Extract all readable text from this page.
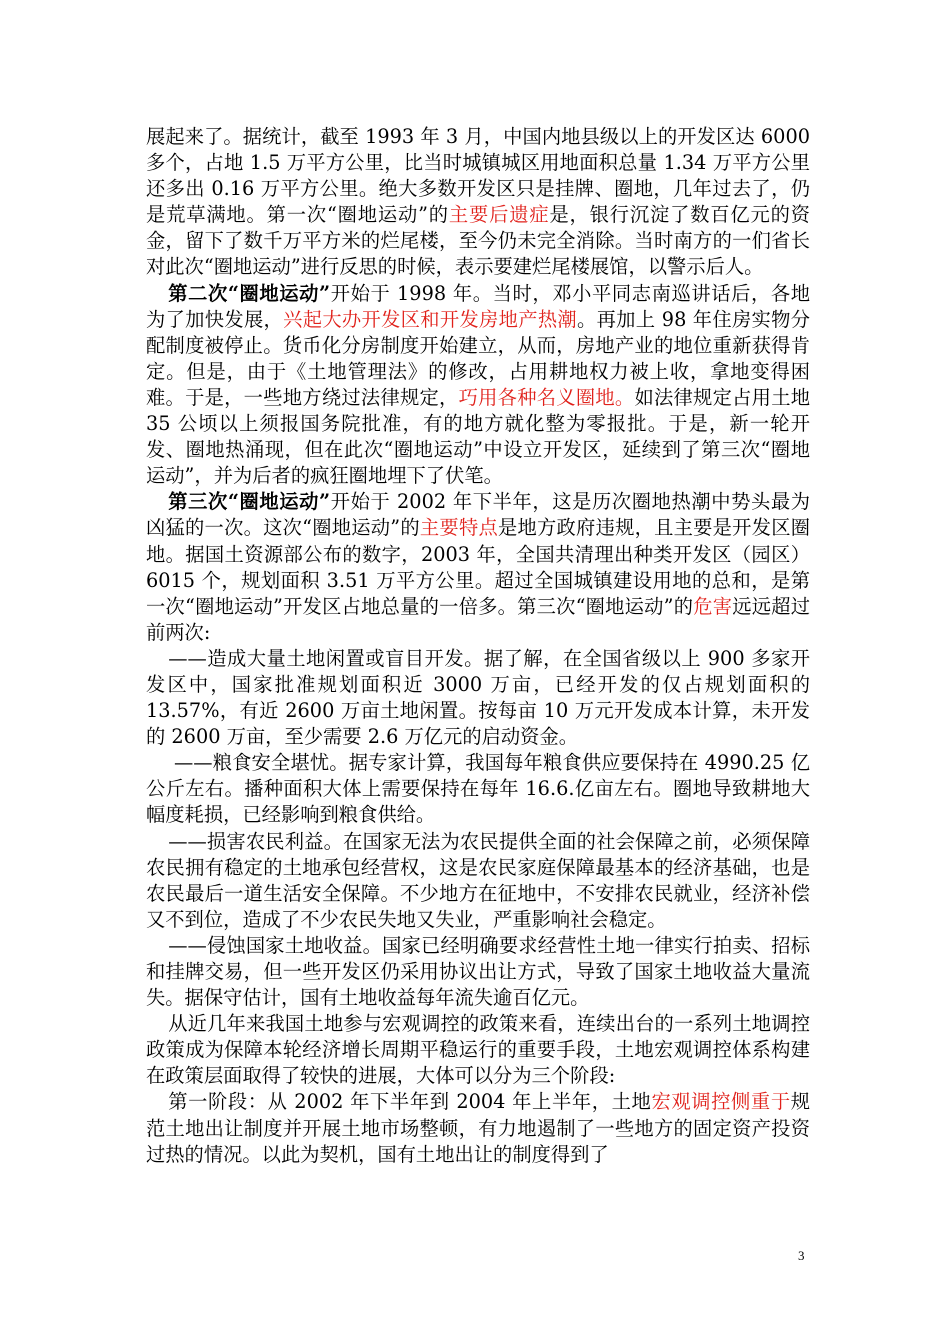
展起来了。据统计，截至 1993 年 3 月，中国内地县级以上的开发区达 6000 多个，占地 1.5 万平方公里，比当时城镇城区用地面积总量 1.34 万平方公里还多出 0.16 万平方公里。绝大多数开发区只是挂牌、圈地，几年过去了，仍是荒草满地。第一次“圈地运动”的主要后遗症是，银行沉淀了数百亿元的资金，留下了数千万平方米的烂尾楼，至今仍未完全消除。当时南方的一们省长对此次“圈地运动”进行反思的时候，表示要建烂尾楼展馆，以警示后人。

第二次“圈地运动”开始于 1998 年。当时，邓小平同志南巡讲话后，各地为了加快发展，兴起大办开发区和开发房地产热潮。再加上 98 年住房实物分配制度被停止。货币化分房制度开始建立，从而，房地产业的地位重新获得肯定。但是，由于《土地管理法》的修改，占用耕地权力被上收，拿地变得困难。于是，一些地方绕过法律规定，巧用各种名义圈地。如法律规定占用土地 35 公顷以上须报国务院批准，有的地方就化整为零报批。于是，新一轮开发、圈地热涌现，但在此次“圈地运动”中设立开发区，延续到了第三次“圈地运动”，并为后者的疯狂圈地埋下了伏笔。

第三次“圈地运动”开始于 2002 年下半年，这是历次圈地热潮中势头最为凶猛的一次。这次“圈地运动”的主要特点是地方政府违规，且主要是开发区圈地。据国土资源部公布的数字，2003 年，全国共清理出种类开发区（园区）6015 个，规划面积 3.51 万平方公里。超过全国城镇建设用地的总和，是第一次“圈地运动”开发区占地总量的一倍多。第三次“圈地运动”的危害远远超过前两次:

——造成大量土地闲置或盲目开发。据了解，在全国省级以上 900 多家开发区中，国家批准规划面积近 3000 万亩，已经开发的仅占规划面积的 13.57%，有近 2600 万亩土地闲置。按每亩 10 万元开发成本计算，未开发的 2600 万亩，至少需要 2.6 万亿元的启动资金。

——粮食安全堪忧。据专家计算，我国每年粮食供应要保持在 4990.25 亿公斤左右。播种面积大体上需要保持在每年 16.6.亿亩左右。圈地导致耕地大幅度耗损，已经影响到粮食供给。

——损害农民利益。在国家无法为农民提供全面的社会保障之前，必须保障农民拥有稳定的土地承包经营权，这是农民家庭保障最基本的经济基础，也是农民最后一道生活安全保障。不少地方在征地中，不安排农民就业，经济补偿又不到位，造成了不少农民失地又失业，严重影响社会稳定。

——侵蚀国家土地收益。国家已经明确要求经营性土地一律实行拍卖、招标和挂牌交易，但一些开发区仍采用协议出让方式，导致了国家土地收益大量流失。据保守估计，国有土地收益每年流失逾百亿元。

从近几年来我国土地参与宏观调控的政策来看，连续出台的一系列土地调控政策成为保障本轮经济增长周期平稳运行的重要手段，土地宏观调控体系构建在政策层面取得了较快的进展，大体可以分为三个阶段:

第一阶段：从 2002 年下半年到 2004 年上半年，土地宏观调控侧重于规范土地出让制度并开展土地市场整顿，有力地遏制了一些地方的固定资产投资过热的情况。以此为契机，国有土地出让的制度得到了

3
